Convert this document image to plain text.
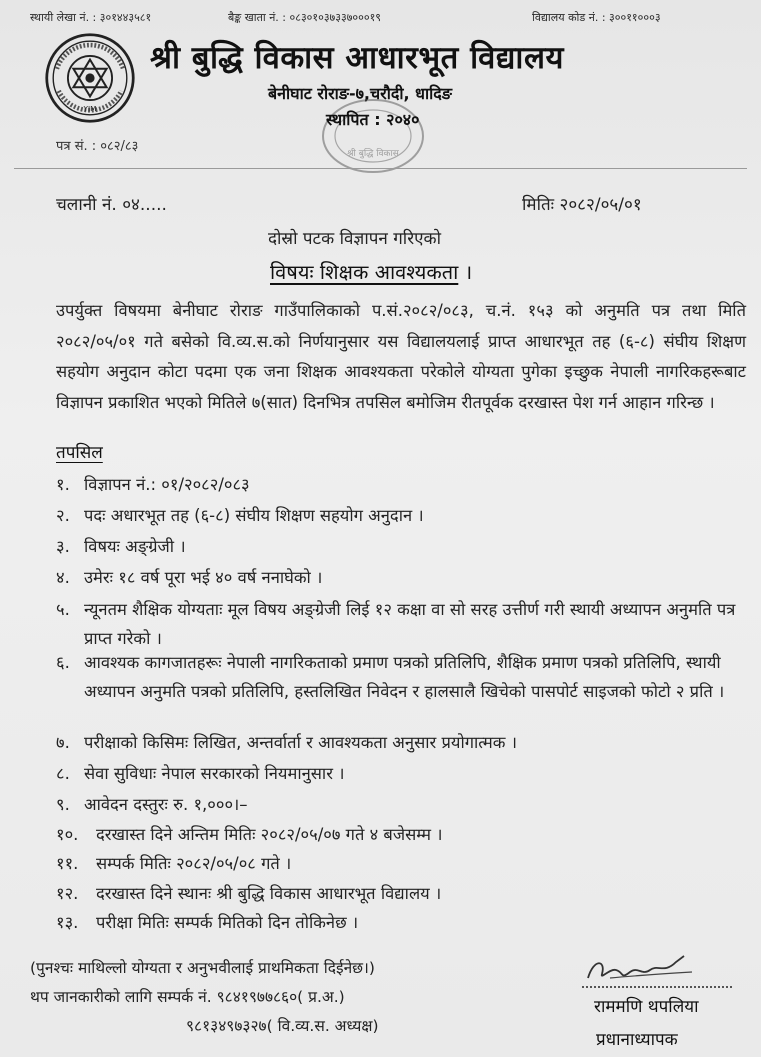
स्थायी लेखा नं. : ३०१४४३५८१	बैङ्क खाता नं. : ०८३०१०३७३३७०००१९	विद्यालय कोड नं. : ३००११०००३
YIM
श्री बुद्धि विकास आधारभूत विद्यालय
बेनीघाट रोराङ-७,चरौदी, धादिङ
श्री बुद्धि विकास
स्थापित : २०४०
पत्र सं. : ०८२/८३
चलानी नं. ०४.....	मितिः २०८२/०५/०१
दोस्रो पटक विज्ञापन गरिएको
विषयः शिक्षक आवश्यकता ।
उपर्युक्त विषयमा बेनीघाट रोराङ गाउँपालिकाको प.सं.२०८२/०८३, च.नं. १५३ को अनुमति पत्र तथा मिति २०८२/०५/०१ गते बसेको वि.व्य.स.को निर्णयानुसार यस विद्यालयलाई प्राप्त आधारभूत तह (६-८) संघीय शिक्षण सहयोग अनुदान कोटा पदमा एक जना शिक्षक आवश्यकता परेकोले योग्यता पुगेका इच्छुक नेपाली नागरिकहरूबाट विज्ञापन प्रकाशित भएको मितिले ७(सात) दिनभित्र तपसिल बमोजिम रीतपूर्वक दरखास्त पेश गर्न आहान गरिन्छ ।
तपसिल
१. विज्ञापन नं.: ०१/२०८२/०८३
२. पदः अधारभूत तह (६-८) संघीय शिक्षण सहयोग अनुदान ।
३. विषयः अङ्ग्रेजी ।
४. उमेरः १८ वर्ष पूरा भई ४० वर्ष ननाघेको ।
५. न्यूनतम शैक्षिक योग्यताः मूल विषय अङ्ग्रेजी लिई १२ कक्षा वा सो सरह उत्तीर्ण गरी स्थायी अध्यापन अनुमति पत्र प्राप्त गरेको ।
६. आवश्यक कागजातहरूः नेपाली नागरिकताको प्रमाण पत्रको प्रतिलिपि, शैक्षिक प्रमाण पत्रको प्रतिलिपि, स्थायी अध्यापन अनुमति पत्रको प्रतिलिपि, हस्तलिखित निवेदन र हालसालै खिचेको पासपोर्ट साइजको फोटो २ प्रति ।
७. परीक्षाको किसिमः लिखित, अन्तर्वार्ता र आवश्यकता अनुसार प्रयोगात्मक ।
८. सेवा सुविधाः नेपाल सरकारको नियमानुसार ।
९. आवेदन दस्तुरः रु. १,०००।–
१०.	दरखास्त दिने अन्तिम मितिः २०८२/०५/०७ गते ४ बजेसम्म ।
११.	सम्पर्क मितिः २०८२/०५/०८ गते ।
१२.	दरखास्त दिने स्थानः श्री बुद्धि विकास आधारभूत विद्यालय ।
१३.	परीक्षा मितिः सम्पर्क मितिको दिन तोकिनेछ ।
(पुनश्चः माथिल्लो योग्यता र अनुभवीलाई प्राथमिकता दिईनेछ।)
थप जानकारीको लागि सम्पर्क नं. ९८४१९७७८६०( प्र.अ.)
९८१३४९७३२७( वि.व्य.स. अध्यक्ष)
राममणि थपलिया
प्रधानाध्यापक
